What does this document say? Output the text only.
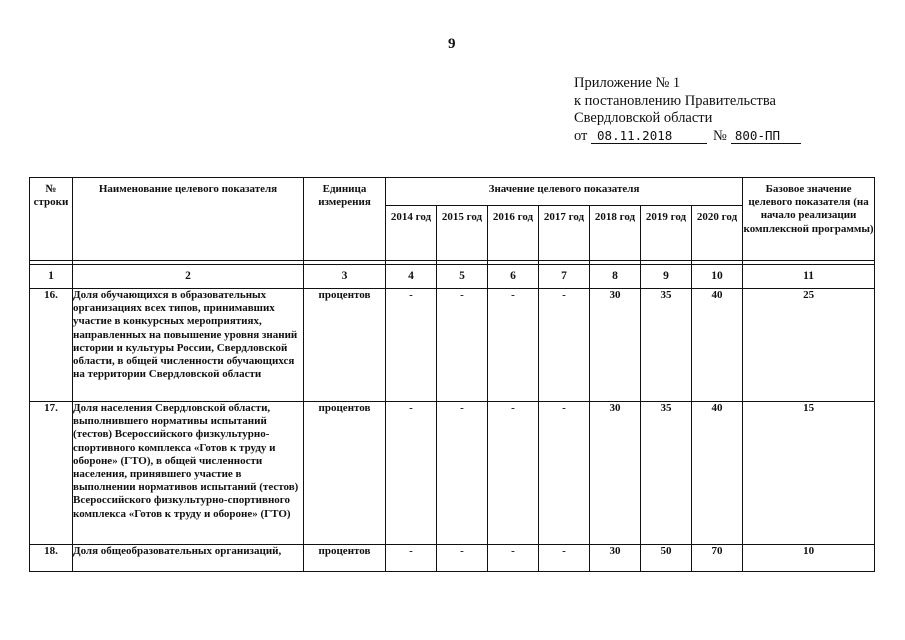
9
Приложение № 1
к постановлению Правительства
Свердловской области
от 08.11.2018	№ 800-ПП
№ строки	Наименование целевого показателя	Единица измерения	Значение целевого показателя							Базовое значение целевого показателя (на начало реализации комплексной программы)
			2014 год	2015 год	2016 год	2017 год	2018 год	2019 год	2020 год	

1	2	3	4	5	6	7	8	9	10	11
16.	Доля обучающихся в образовательных организациях всех типов, принимавших участие в конкурсных мероприятиях, направленных на повышение уровня знаний истории и культуры России, Свердловской области, в общей численности обучающихся на территории Свердловской области	процентов	-	-	-	-	30	35	40	25
17.	Доля населения Свердловской области, выполнившего нормативы испытаний (тестов) Всероссийского физкультурно-спортивного комплекса «Готов к труду и обороне» (ГТО), в общей численности населения, принявшего участие в выполнении нормативов испытаний (тестов) Всероссийского физкультурно-спортивного комплекса «Готов к труду и обороне» (ГТО)	процентов	-	-	-	-	30	35	40	15
18.	Доля общеобразовательных организаций,	процентов	-	-	-	-	30	50	70	10
